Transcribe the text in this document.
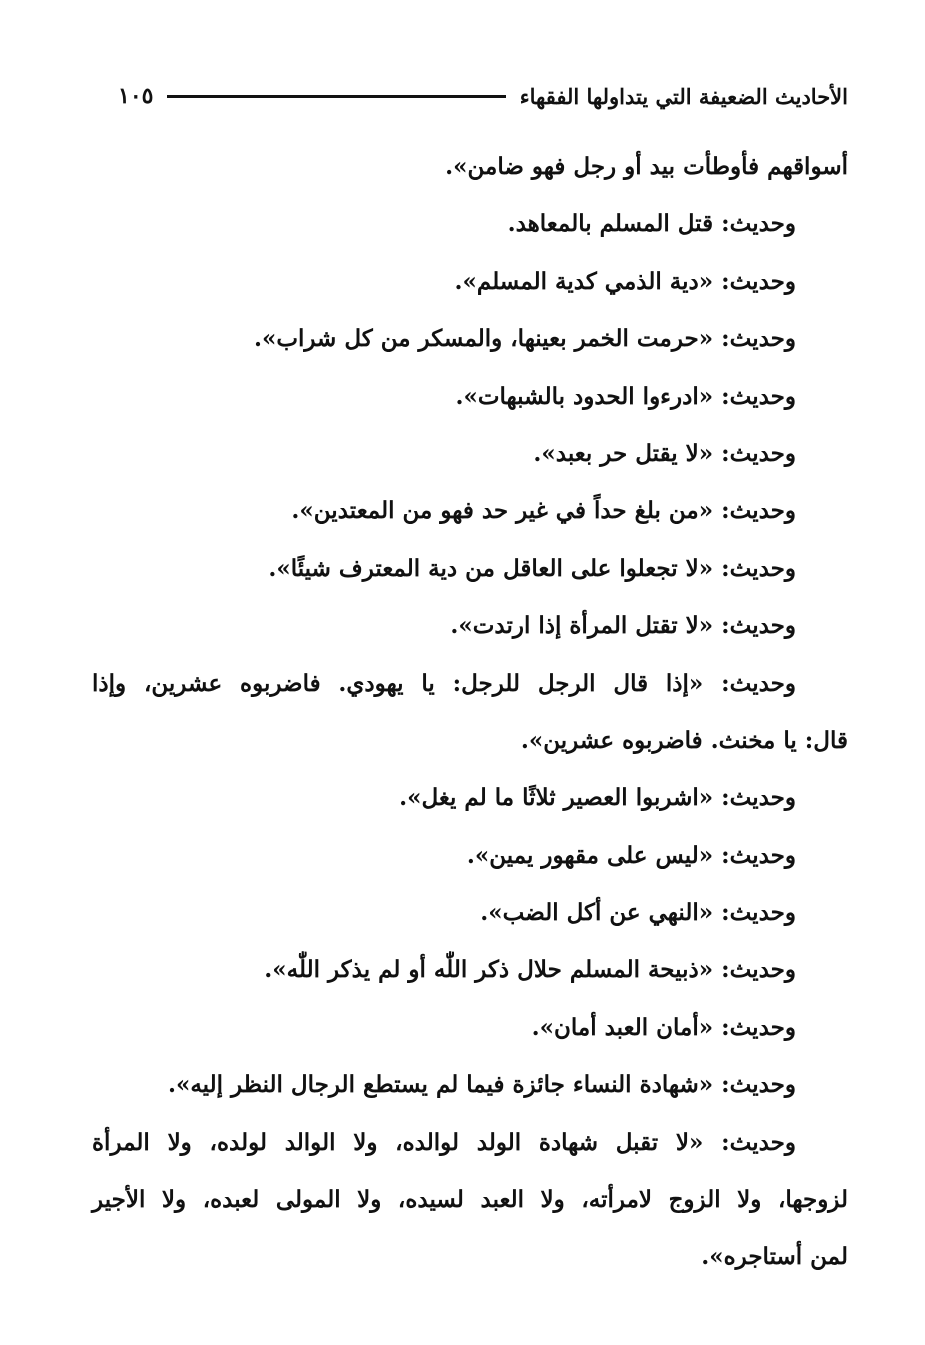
الأحاديث الضعيفة التي يتداولها الفقهاء
١٠٥
أسواقهم فأوطأت بيد أو رجل فهو ضامن».
وحديث: قتل المسلم بالمعاهد.
وحديث: «دية الذمي كدية المسلم».
وحديث: «حرمت الخمر بعينها، والمسكر من كل شراب».
وحديث: «ادرءوا الحدود بالشبهات».
وحديث: «لا يقتل حر بعبد».
وحديث: «من بلغ حداً في غير حد فهو من المعتدين».
وحديث: «لا تجعلوا على العاقل من دية المعترف شيئًا».
وحديث: «لا تقتل المرأة إذا ارتدت».
وحديث: «إذا قال الرجل للرجل: يا يهودي. فاضربوه عشرين، وإذا
قال: يا مخنث. فاضربوه عشرين».
وحديث: «اشربوا العصير ثلاثًا ما لم يغل».
وحديث: «ليس على مقهور يمين».
وحديث: «النهي عن أكل الضب».
وحديث: «ذبيحة المسلم حلال ذكر اللّٰه أو لم يذكر اللّٰه».
وحديث: «أمان العبد أمان».
وحديث: «شهادة النساء جائزة فيما لم يستطع الرجال النظر إليه».
وحديث: «لا تقبل شهادة الولد لوالده، ولا الوالد لولده، ولا المرأة
لزوجها، ولا الزوج لامرأته، ولا العبد لسيده، ولا المولى لعبده، ولا الأجير
لمن أستاجره».
